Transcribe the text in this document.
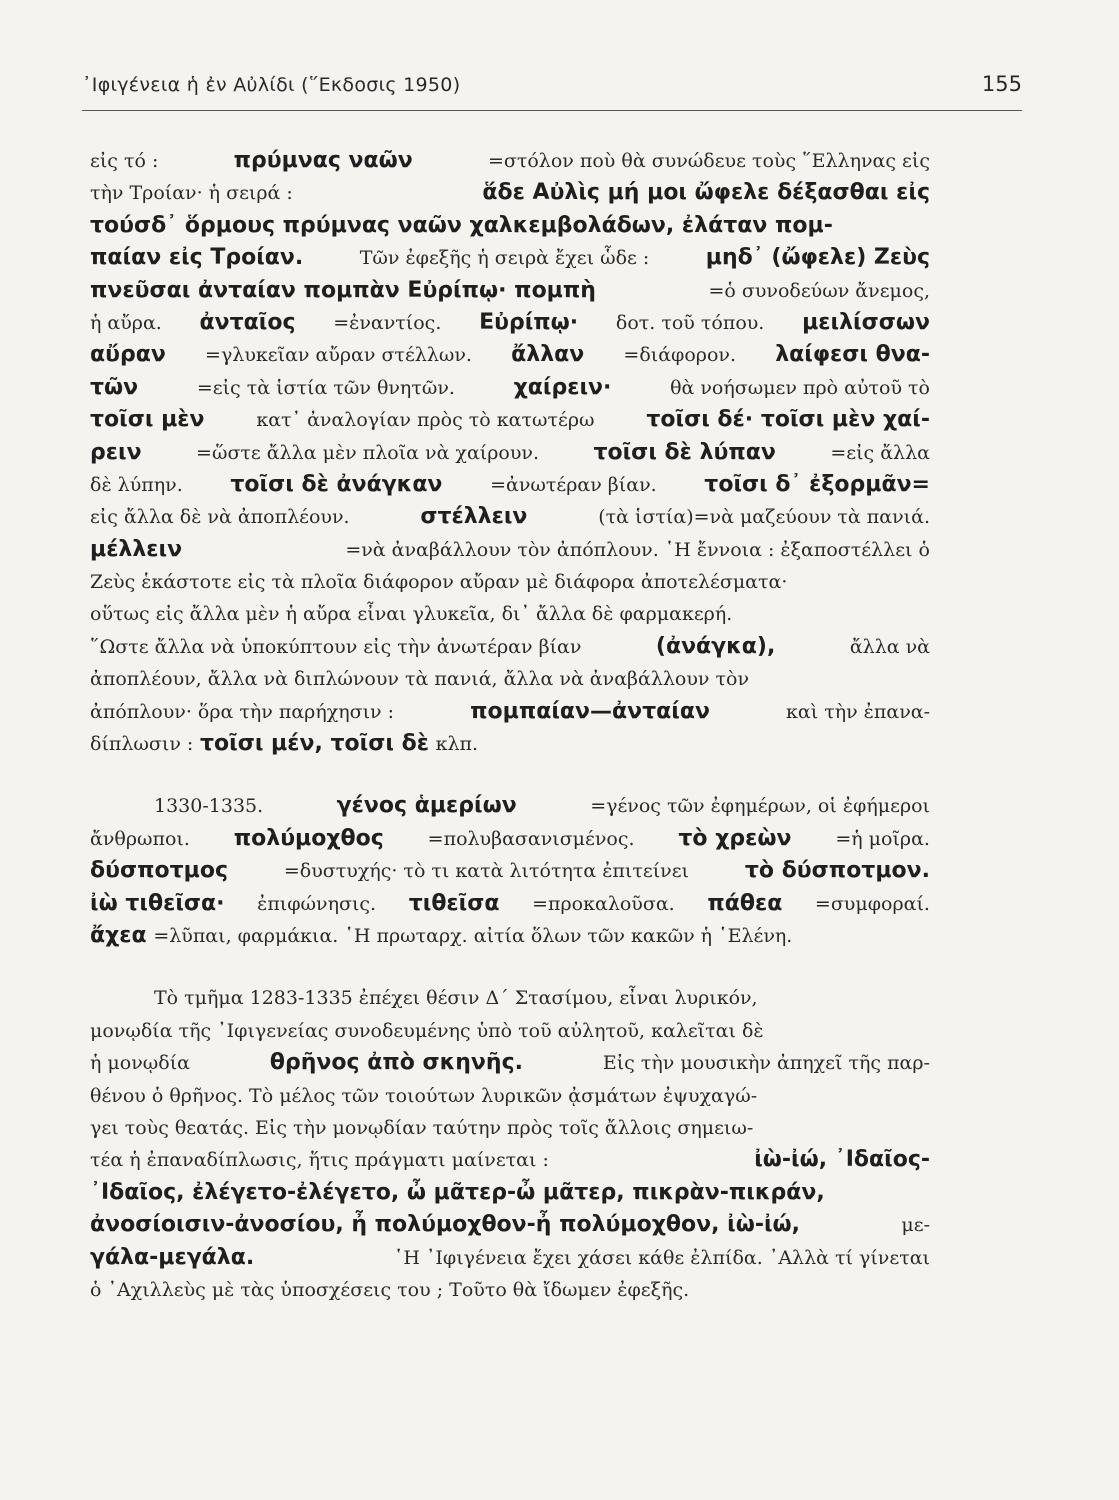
᾿Ιφιγένεια ἡ ἐν Αὐλίδι (῞Εκδοσις 1950)	155
εἰς τό :	πρύμνας ναῶν	=στόλον ποὺ θὰ συνώδευε τοὺς ῞Ελληνας εἰς
τὴν Τροίαν· ἡ σειρά :	ἅδε Αὐλὶς μή μοι ὤφελε δέξασθαι εἰς
τούσδ᾿ ὅρμους πρύμνας ναῶν χαλκεμβολάδων, ἐλάταν πομ-
παίαν εἰς Τροίαν.	Τῶν ἐφεξῆς ἡ σειρὰ ἔχει ὧδε :	μηδ᾿ (ὤφελε) Ζεὺς
πνεῦσαι ἀνταίαν πομπὰν Εὐρίπῳ· πομπὴ	=ὁ συνοδεύων ἄνεμος,
ἡ αὔρα. ἀνταῖος =ἐναντίος. Εὐρίπῳ· δοτ. τοῦ τόπου. μειλίσσων
αὔραν =γλυκεῖαν αὔραν στέλλων. ἄλλαν =διάφορον. λαίφεσι θνα-
τῶν	=εἰς τὰ ἱστία τῶν θνητῶν.	χαίρειν·	θὰ νοήσωμεν πρὸ αὐτοῦ τὸ
τοῖσι μὲν	κατ᾿ ἀναλογίαν πρὸς τὸ κατωτέρω τοῖσι δέ· τοῖσι μὲν χαί-
ρειν	=ὥστε ἄλλα μὲν πλοῖα νὰ χαίρουν. τοῖσι δὲ λύπαν	=εἰς ἄλλα
δὲ λύπην. τοῖσι δὲ ἀνάγκαν	=ἀνωτέραν βίαν. τοῖσι δ᾿ ἐξορμᾶν=
εἰς ἄλλα δὲ νὰ ἀποπλέουν.	στέλλειν	(τὰ ἱστία)=νὰ μαζεύουν τὰ πανιά.
μέλλειν	=νὰ ἀναβάλλουν τὸν ἀπόπλουν. ῾Η ἔννοια : ἐξαποστέλλει ὁ
Ζεὺς ἑκάστοτε εἰς τὰ πλοῖα διάφορον αὔραν μὲ διάφορα ἀποτελέσματα·
οὕτως εἰς ἄλλα μὲν ἡ αὔρα εἶναι γλυκεῖα, δι᾿ ἄλλα δὲ φαρμακερή.
῞Ωστε ἄλλα νὰ ὑποκύπτουν εἰς τὴν ἀνωτέραν βίαν	(ἀνάγκα),	ἄλλα νὰ
ἀποπλέουν, ἄλλα νὰ διπλώνουν τὰ πανιά, ἄλλα νὰ ἀναβάλλουν τὸν
ἀπόπλουν· ὅρα τὴν παρήχησιν :	πομπαίαν—ἀνταίαν	καὶ τὴν ἐπανα-
δίπλωσιν : τοῖσι μέν, τοῖσι δὲ κλπ.
1330-1335.	γένος ἁμερίων	=γένος τῶν ἐφημέρων, οἱ ἐφήμεροι
ἄνθρωποι. πολύμοχθος =πολυβασανισμένος. τὸ χρεὼν =ἡ μοῖρα.
δύσποτμος	=δυστυχής· τὸ τι κατὰ λιτότητα ἐπιτείνει	τὸ δύσποτμον.
ἰὼ τιθεῖσα· ἐπιφώνησις. τιθεῖσα =προκαλοῦσα. πάθεα =συμφοραί.
ἄχεα =λῦπαι, φαρμάκια. ῾Η πρωταρχ. αἰτία ὅλων τῶν κακῶν ἡ ῾Ελένη.
Τὸ τμῆμα 1283-1335 ἐπέχει θέσιν Δ΄ Στασίμου, εἶναι λυρικόν,
μονῳδία τῆς ᾿Ιφιγενείας συνοδευμένης ὑπὸ τοῦ αὐλητοῦ, καλεῖται δὲ
ἡ μονῳδία	θρῆνος ἀπὸ σκηνῆς.	Εἰς τὴν μουσικὴν ἀπηχεῖ τῆς παρ-
θένου ὁ θρῆνος. Τὸ μέλος τῶν τοιούτων λυρικῶν ᾀσμάτων ἐψυχαγώ-
γει τοὺς θεατάς. Εἰς τὴν μονῳδίαν ταύτην πρὸς τοῖς ἄλλοις σημειω-
τέα ἡ ἐπαναδίπλωσις, ἥτις πράγματι μαίνεται :	ἰὼ-ἰώ, ᾿Ιδαῖος-
᾿Ιδαῖος, ἐλέγετο-ἐλέγετο, ὦ μᾶτερ-ὦ μᾶτερ, πικρὰν-πικράν,
ἀνοσίοισιν-ἀνοσίου, ἦ πολύμοχθον-ἦ πολύμοχθον, ἰὼ-ἰώ,	με-
γάλα-μεγάλα.	῾Η ᾿Ιφιγένεια ἔχει χάσει κάθε ἐλπίδα. ᾿Αλλὰ τί γίνεται
ὁ ᾿Αχιλλεὺς μὲ τὰς ὑποσχέσεις του ; Τοῦτο θὰ ἴδωμεν ἐφεξῆς.
